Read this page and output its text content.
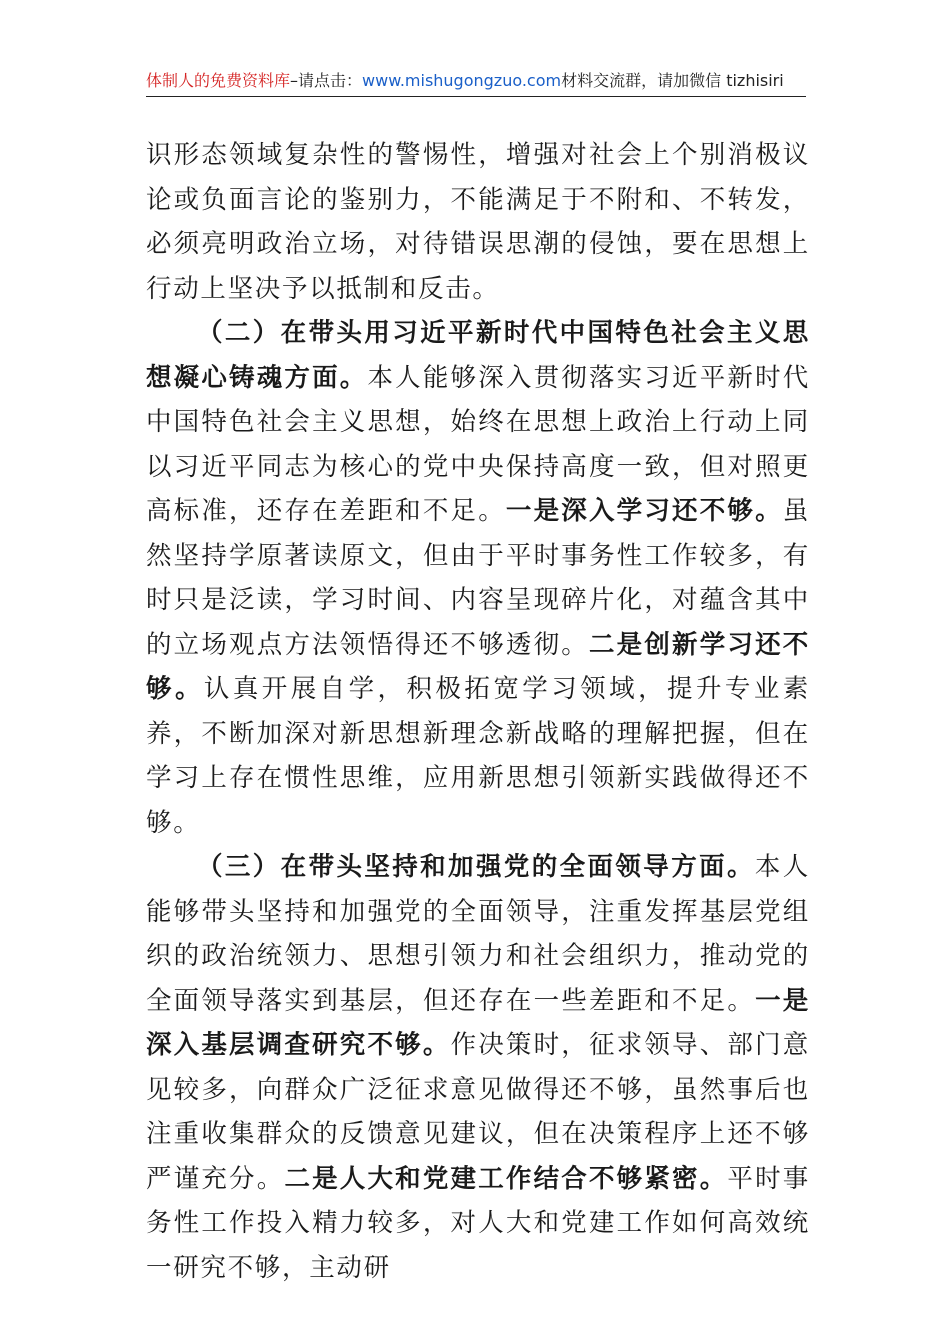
体制人的免费资料库–请点击：www.mishugongzuo.com材料交流群，请加微信 tizhisiri

识形态领域复杂性的警惕性，增强对社会上个别消极议论或负面言论的鉴别力，不能满足于不附和、不转发，必须亮明政治立场，对待错误思潮的侵蚀，要在思想上行动上坚决予以抵制和反击。

（二）在带头用习近平新时代中国特色社会主义思想凝心铸魂方面。本人能够深入贯彻落实习近平新时代中国特色社会主义思想，始终在思想上政治上行动上同以习近平同志为核心的党中央保持高度一致，但对照更高标准，还存在差距和不足。一是深入学习还不够。虽然坚持学原著读原文，但由于平时事务性工作较多，有时只是泛读，学习时间、内容呈现碎片化，对蕴含其中的立场观点方法领悟得还不够透彻。二是创新学习还不够。认真开展自学，积极拓宽学习领域，提升专业素养，不断加深对新思想新理念新战略的理解把握，但在学习上存在惯性思维，应用新思想引领新实践做得还不够。

（三）在带头坚持和加强党的全面领导方面。本人能够带头坚持和加强党的全面领导，注重发挥基层党组织的政治统领力、思想引领力和社会组织力，推动党的全面领导落实到基层，但还存在一些差距和不足。一是深入基层调查研究不够。作决策时，征求领导、部门意见较多，向群众广泛征求意见做得还不够，虽然事后也注重收集群众的反馈意见建议，但在决策程序上还不够严谨充分。二是人大和党建工作结合不够紧密。平时事务性工作投入精力较多，对人大和党建工作如何高效统一研究不够，主动研
